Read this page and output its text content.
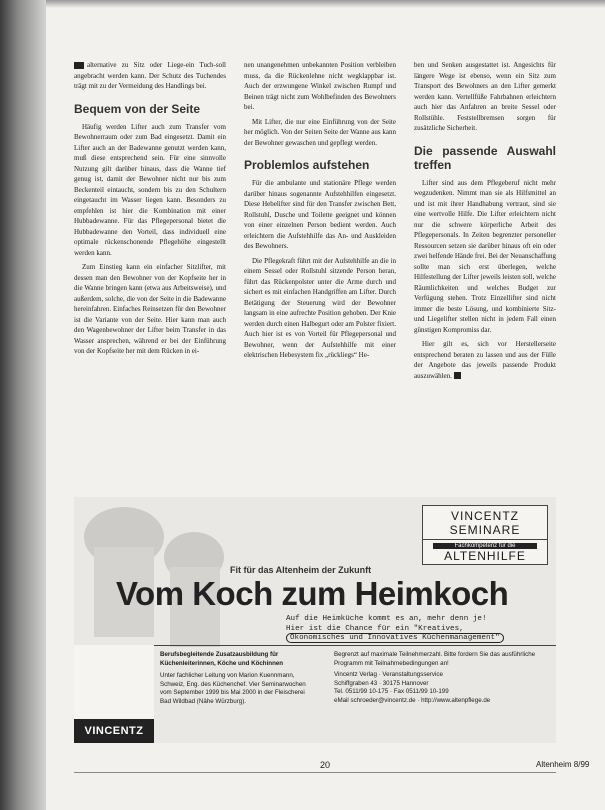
alternative zu Sitz oder Liege-ein Tuch-soll angebracht werden kann. Der Schutz des Tuchendes trägt mit zu der Vermeidung des Handlings bei.

Bequem von der Seite

Häufig werden Lifter auch zum Transfer vom Bewohnerraum oder zum Bad eingesetzt. Damit ein Lifter auch an der Badewanne genutzt werden kann, muß diese entsprechend sein. Für eine sinnvolle Nutzung gilt darüber hinaus, dass die Wanne tief genug ist, damit der Bewohner nicht nur bis zum Beckenteil eintaucht, sondern bis zu den Schultern eingetaucht im Wasser liegen kann. Besonders zu empfehlen ist hier die Kombination mit einer Hubbadewanne. Für das Pflegepersonal bietet die Hubbadewanne den Vorteil, dass individuell eine optimale rückenschonende Pflegehöhe eingestellt werden kann.

Zum Einstieg kann ein einfacher Sitzlifter, mit dessen man den Bewohner von der Kopfseite her in die Wanne bringen kann (etwa aus Arbeitsweise), und außerdem, solche, die von der Seite in die Badewanne hereinfahren. Einfaches Reinsetzen für den Bewohner ist die Variante von der Seite. Hier kann man auch den Wagenbewohner der Lifter beim Transfer in das Wasser ansprechen, während er bei der Einführung von der Kopfseite her mit dem Rücken in ei-

nen unangenehmen unbekannten Position verbleiben muss, da die Rückenlehne nicht wegklappbar ist. Auch der erzwungene Winkel zwischen Rumpf und Beinen trägt nicht zum Wohlbefinden des Bewohners bei.

Mit Lifter, die nur eine Einführung von der Seite her möglich. Von der Seiten Seite der Wanne aus kann der Bewohner gewaschen und gepflegt werden.

Problemlos aufstehen

Für die ambulante und stationäre Pflege werden darüber hinaus sogenannte Aufstehhilfen eingesetzt. Diese Hebelifter sind für den Transfer zwischen Bett, Rollstuhl, Dusche und Toilette geeignet und können von einer einzelnen Person bedient werden. Auch erleichtern die Aufstehhilfe das An- und Auskleiden des Bewohners.

Die Pflegekraft führt mit der Aufstehhilfe an die in einem Sessel oder Rollstuhl sitzende Person heran, führt das Rückenpolster unter die Arme durch und sichert es mit einfachen Handgriffen am Lifter. Durch Betätigung der Steuerung wird der Bewohner langsam in eine aufrechte Position gehoben. Der Knie werden durch einen Halbegurt oder am Polster fixiert. Auch hier ist es von Vorteil für Pflegepersonal und Bewohner, wenn der Aufstehhilfe mit einer elektrischen Hebesystem fix „rückliegs“ He-

ben und Senken ausgestattet ist. Angesichts für längere Wege ist ebenso, wenn ein Sitz zum Transport des Bewohners an den Lifter gemerkt werden kann. Vertellfüße Fahrbahnen erleichtern auch hier das Anfahren an breite Sessel oder Rollstühle. Feststellbremsen sorgen für zusätzliche Sicherheit.

Die passende Auswahl treffen

Lifter sind aus dem Pflegeberuf nicht mehr wegzudenken. Nimmt man sie als Hilfsmittel an und ist mit ihrer Handhabung vertraut, sind sie eine wertvolle Hilfe. Die Lifter erleichtern nicht nur die schwere körperliche Arbeit des Pflegepersonals. In Zeiten begrenzter personeller Ressourcen setzen sie darüber hinaus oft ein oder zwei helfende Hände frei. Bei der Neuanschaffung sollte man sich erst überlegen, welche Hilfestellung der Lifter jeweils leisten soll, welche Räumlichkeiten und welches Budget zur Verfügung stehen. Trotz Einzellifter sind nicht immer die beste Lösung, und kombinierte Sitz- und Liegelifter stellen nicht in jedem Fall einen günstigen Kompromiss dar.

Hier gilt es, sich vor Herstellerseite entsprechend beraten zu lassen und aus der Fülle der Angebote das jeweils passende Produkt auszuwählen.

VINCENTZ
SEMINARE
Fachkompetenz für die
ALTENHILFE
Fit für das Altenheim der Zukunft
Vom Koch zum Heimkoch
Auf die Heimküche kommt es an, mehr denn je!
Hier ist die Chance für ein "Kreatives,
Ökonomisches und Innovatives Küchenmanagement"
VINCENTZ
Berufsbegleitende Zusatzausbildung für Küchenleiterinnen, Köche und Köchinnen
Unter fachlicher Leitung von Marion Kuennmann, Schweiz, Eng. des Küchenchef. Vier Seminarwochen vom September 1999 bis Mai 2000 in der Fleischerei Bad Wildbad (Nähe Würzburg).
Begrenzt auf maximale Teilnehmerzahl. Bitte fordern Sie das ausführliche Programm mit Teilnahmebedingungen an!
Vincentz Verlag · Veranstaltungsservice
Schiffgraben 43 · 30175 Hannover
Tel. 0511/99 10-175 · Fax 0511/99 10-199
eMail schroeder@vincentz.de · http://www.altenpflege.de
20	Altenheim 8/99
